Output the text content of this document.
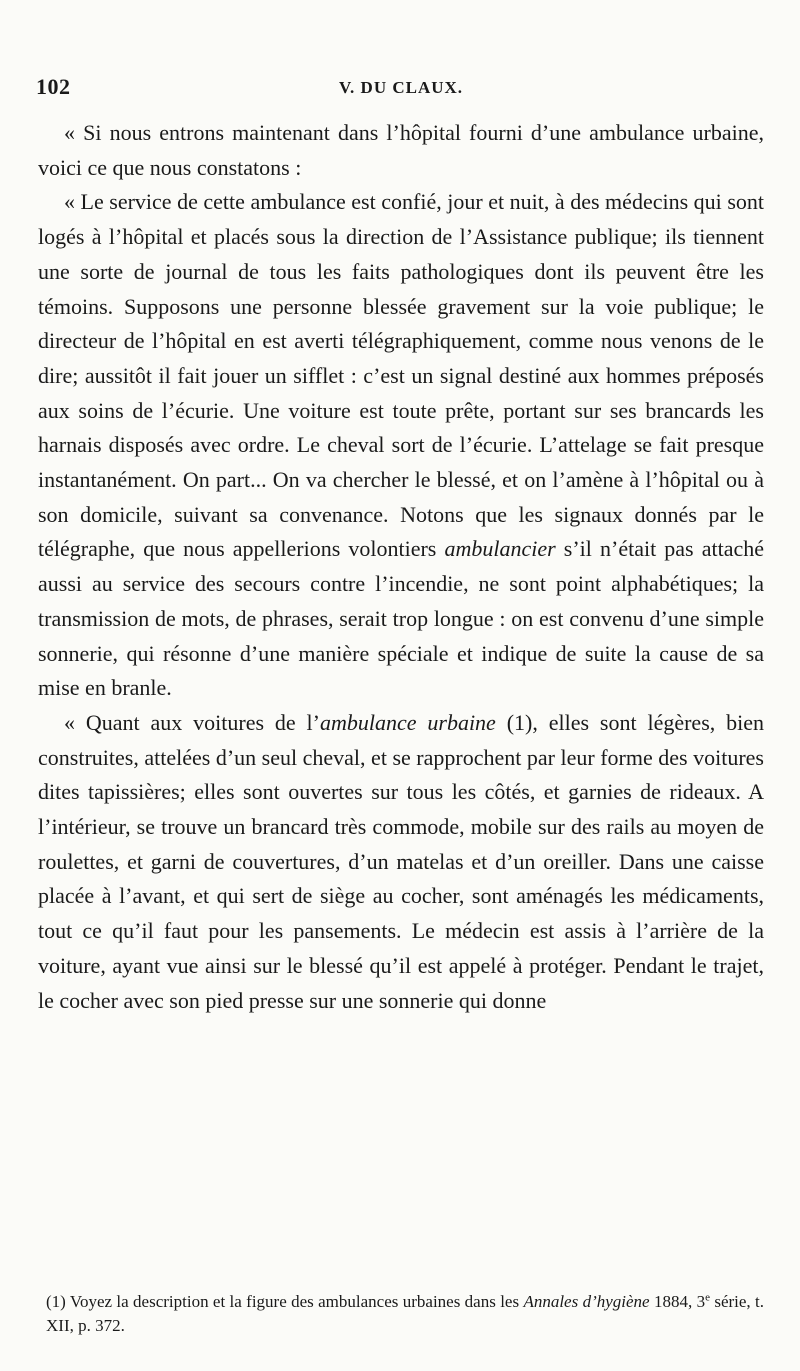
102	V. DU CLAUX.

« Si nous entrons maintenant dans l’hôpital fourni d’une ambulance urbaine, voici ce que nous constatons :

« Le service de cette ambulance est confié, jour et nuit, à des médecins qui sont logés à l’hôpital et placés sous la direction de l’Assistance publique; ils tiennent une sorte de journal de tous les faits pathologiques dont ils peuvent être les témoins. Supposons une personne blessée gravement sur la voie publique; le directeur de l’hôpital en est averti télégraphiquement, comme nous venons de le dire; aussitôt il fait jouer un sifflet : c’est un signal destiné aux hommes préposés aux soins de l’écurie. Une voiture est toute prête, portant sur ses brancards les harnais disposés avec ordre. Le cheval sort de l’écurie. L’attelage se fait presque instantanément. On part... On va chercher le blessé, et on l’amène à l’hôpital ou à son domicile, suivant sa convenance. Notons que les signaux donnés par le télégraphe, que nous appellerions volontiers ambulancier s’il n’était pas attaché aussi au service des secours contre l’incendie, ne sont point alphabétiques; la transmission de mots, de phrases, serait trop longue : on est convenu d’une simple sonnerie, qui résonne d’une manière spéciale et indique de suite la cause de sa mise en branle.

« Quant aux voitures de l’ambulance urbaine (1), elles sont légères, bien construites, attelées d’un seul cheval, et se rapprochent par leur forme des voitures dites tapissières; elles sont ouvertes sur tous les côtés, et garnies de rideaux. A l’intérieur, se trouve un brancard très commode, mobile sur des rails au moyen de roulettes, et garni de couvertures, d’un matelas et d’un oreiller. Dans une caisse placée à l’avant, et qui sert de siège au cocher, sont aménagés les médicaments, tout ce qu’il faut pour les pansements. Le médecin est assis à l’arrière de la voiture, ayant vue ainsi sur le blessé qu’il est appelé à protéger. Pendant le trajet, le cocher avec son pied presse sur une sonnerie qui donne

(1) Voyez la description et la figure des ambulances urbaines dans les Annales d’hygiène 1884, 3e série, t. XII, p. 372.
